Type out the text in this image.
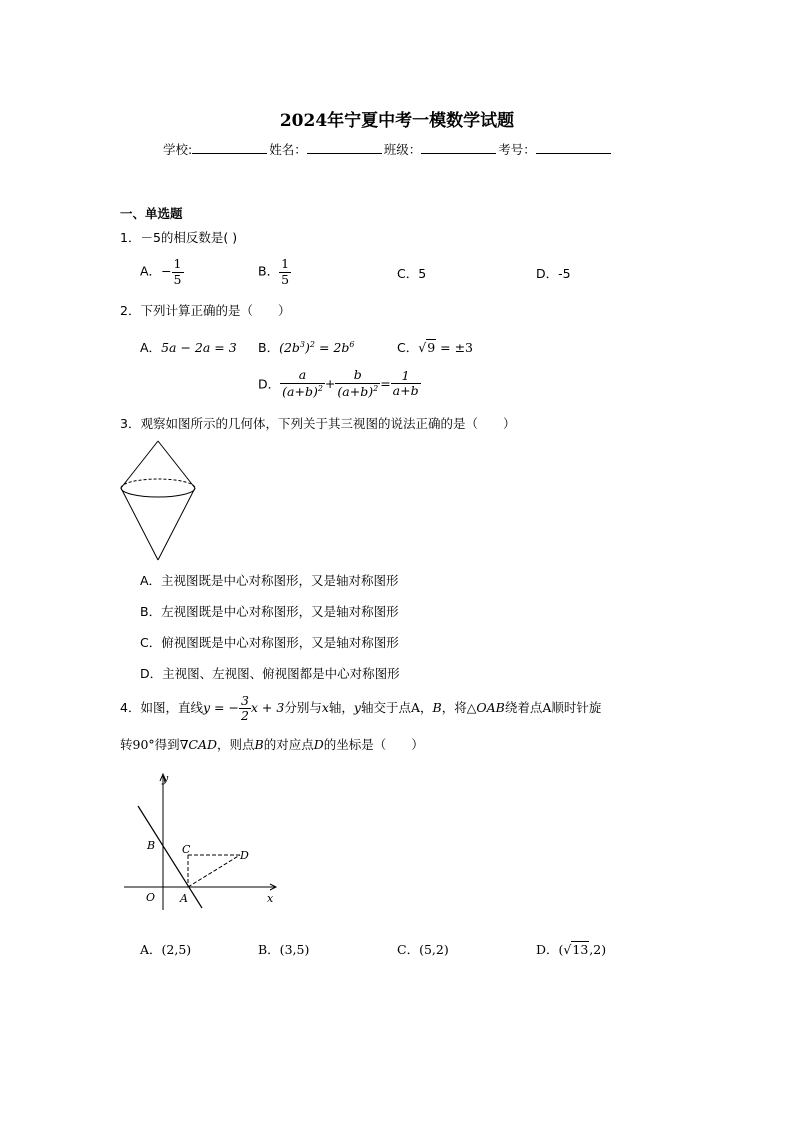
2024年宁夏中考一模数学试题
学校:	姓名：	班级：	考号：
一、单选题
1．－5的相反数是( )
A．− $\frac{1}{5}$	B． $\frac{1}{5}$	C．5	D．-5
2．下列计算正确的是（　　）
A．5a − 2a = 3 B．$(2b^3)^2 = 2b^6$	C．√9 = ±3
D． $\frac{a}{(a+b)^2} + \frac{b}{(a+b)^2} = \frac{1}{a+b}$
3．观察如图所示的几何体，下列关于其三视图的说法正确的是（　　）
A．主视图既是中心对称图形，又是轴对称图形
B．左视图既是中心对称图形，又是轴对称图形
C．俯视图既是中心对称图形，又是轴对称图形
D．主视图、左视图、俯视图都是中心对称图形
4．如图，直线y = − $\frac{3}{2}$ x + 3分别与x轴，y轴交于点A，B，将△OAB绕着点A顺时针旋
转90°得到∇CAD，则点B的对应点D的坐标是（　　）
y
x
B C	D
O A
A．(2,5)	B．(3,5)	C．(5,2)	D．(√13,2)
